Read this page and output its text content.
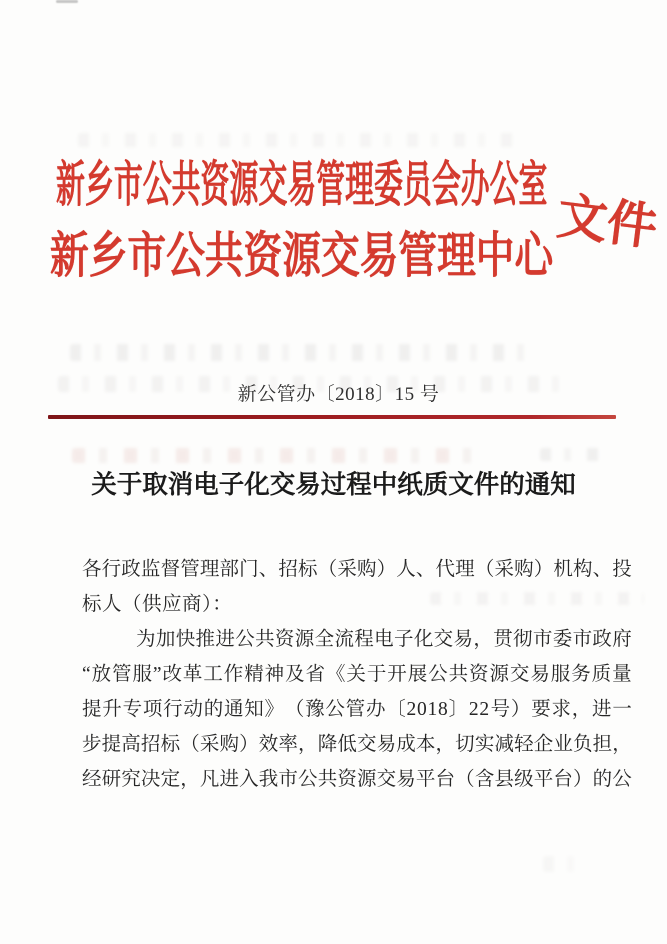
新乡市公共资源交易管理委员会办公室
新乡市公共资源交易管理中心 文件
新公管办〔2018〕15 号
关于取消电子化交易过程中纸质文件的通知
各 行 政 监 督 管 理 部 门 、 招 标 （ 采 购 ） 人 、 代 理 （ 采 购 ） 机 构 、 投
标人（供应商）：
为 加 快 推 进 公 共 资 源 全 流 程 电 子 化 交 易 ， 贯 彻 市 委 市 政 府
“ 放 管 服 ” 改 革 工 作 精 神 及 省 《 关 于 开 展 公 共 资 源 交 易 服 务 质 量
提 升 专 项 行 动 的 通 知 》 （ 豫 公 管 办 〔 2 0 1 8 〕 2 2 号 ） 要 求 ， 进 一
步 提 高 招 标 （ 采 购 ） 效 率 ， 降 低 交 易 成 本 ， 切 实 减 轻 企 业 负 担 ，
经 研 究 决 定 ， 凡 进 入 我 市 公 共 资 源 交 易 平 台 （ 含 县 级 平 台 ） 的 公
